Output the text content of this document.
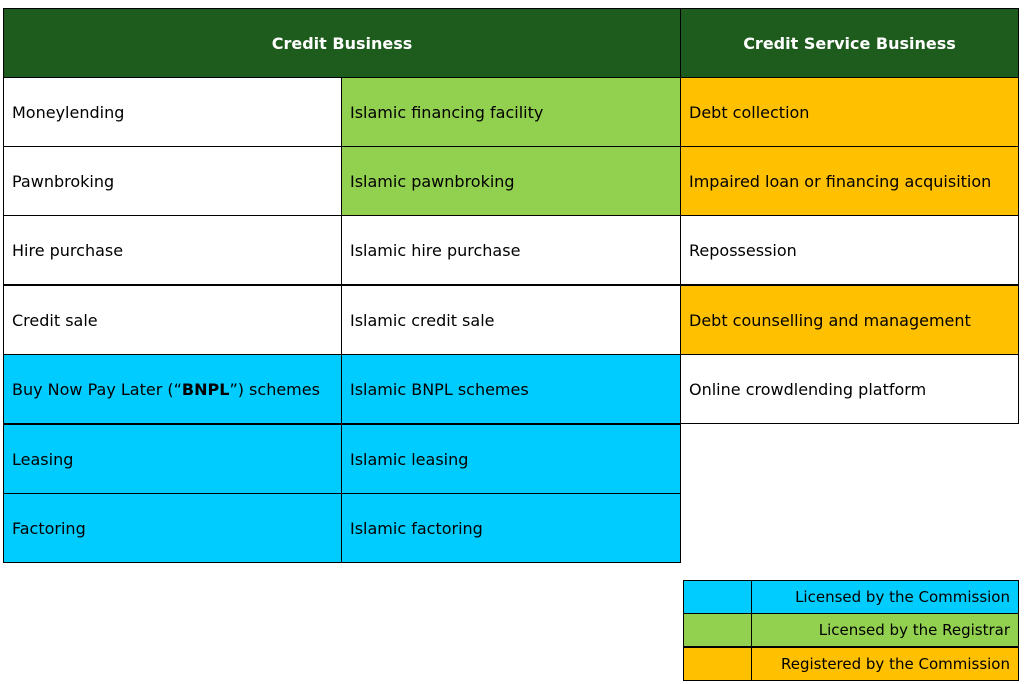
Credit Business	Credit Service Business
Moneylending	Islamic financing facility	Debt collection
Pawnbroking	Islamic pawnbroking	Impaired loan or financing acquisition
Hire purchase	Islamic hire purchase	Repossession
Credit sale	Islamic credit sale	Debt counselling and management
Buy Now Pay Later (“ BNPL ”) schemes	Islamic BNPL schemes	Online crowdlending platform
Leasing	Islamic leasing
Factoring	Islamic factoring
Licensed by the Commission
Licensed by the Registrar
Registered by the Commission
